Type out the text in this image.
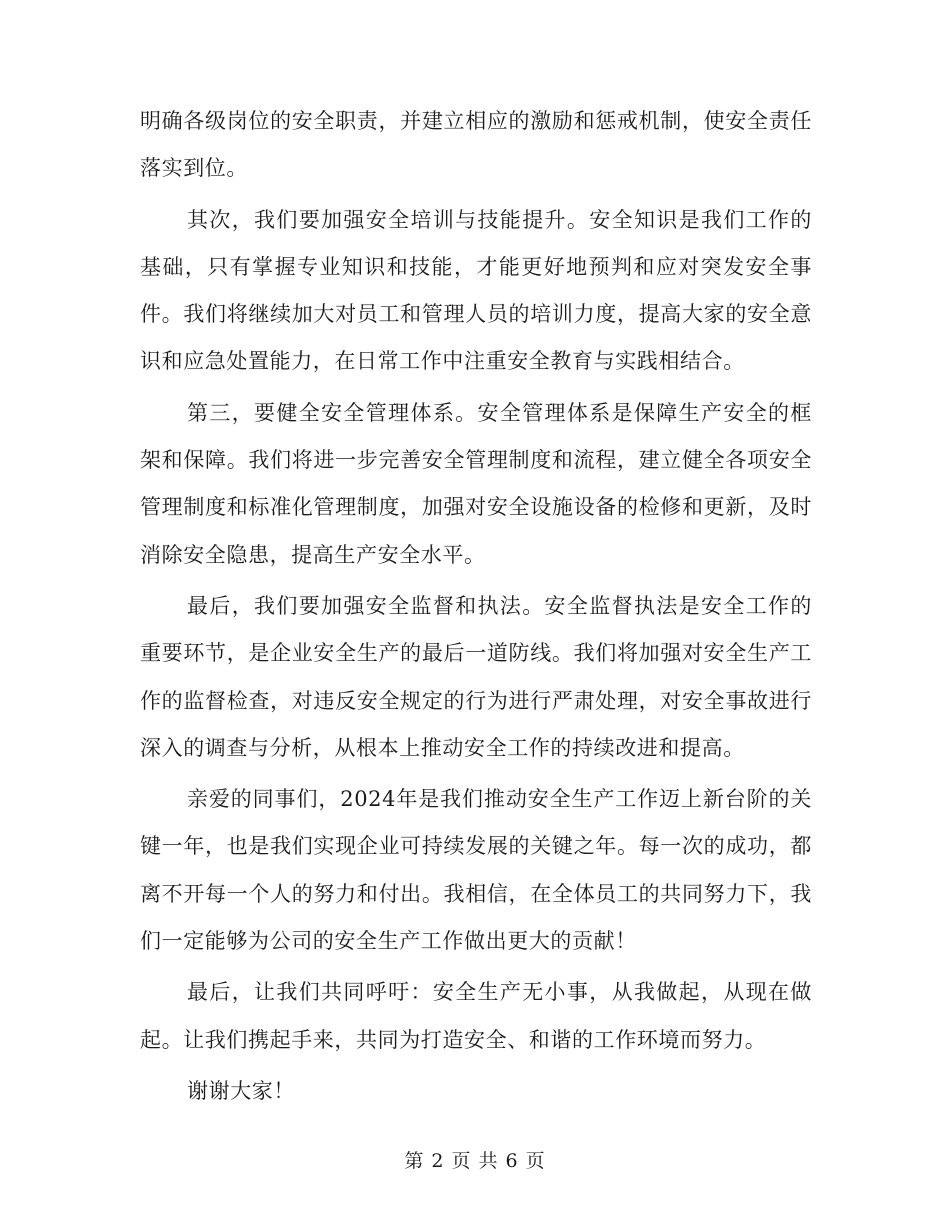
明确各级岗位的安全职责，并建立相应的激励和惩戒机制，使安全责任落实到位。

其次，我们要加强安全培训与技能提升。安全知识是我们工作的基础，只有掌握专业知识和技能，才能更好地预判和应对突发安全事件。我们将继续加大对员工和管理人员的培训力度，提高大家的安全意识和应急处置能力，在日常工作中注重安全教育与实践相结合。

第三，要健全安全管理体系。安全管理体系是保障生产安全的框架和保障。我们将进一步完善安全管理制度和流程，建立健全各项安全管理制度和标准化管理制度，加强对安全设施设备的检修和更新，及时消除安全隐患，提高生产安全水平。

最后，我们要加强安全监督和执法。安全监督执法是安全工作的重要环节，是企业安全生产的最后一道防线。我们将加强对安全生产工作的监督检查，对违反安全规定的行为进行严肃处理，对安全事故进行深入的调查与分析，从根本上推动安全工作的持续改进和提高。

亲爱的同事们，2024年是我们推动安全生产工作迈上新台阶的关键一年，也是我们实现企业可持续发展的关键之年。每一次的成功，都离不开每一个人的努力和付出。我相信，在全体员工的共同努力下，我们一定能够为公司的安全生产工作做出更大的贡献！

最后，让我们共同呼吁：安全生产无小事，从我做起，从现在做起。让我们携起手来，共同为打造安全、和谐的工作环境而努力。

谢谢大家！

第 2 页 共 6 页
